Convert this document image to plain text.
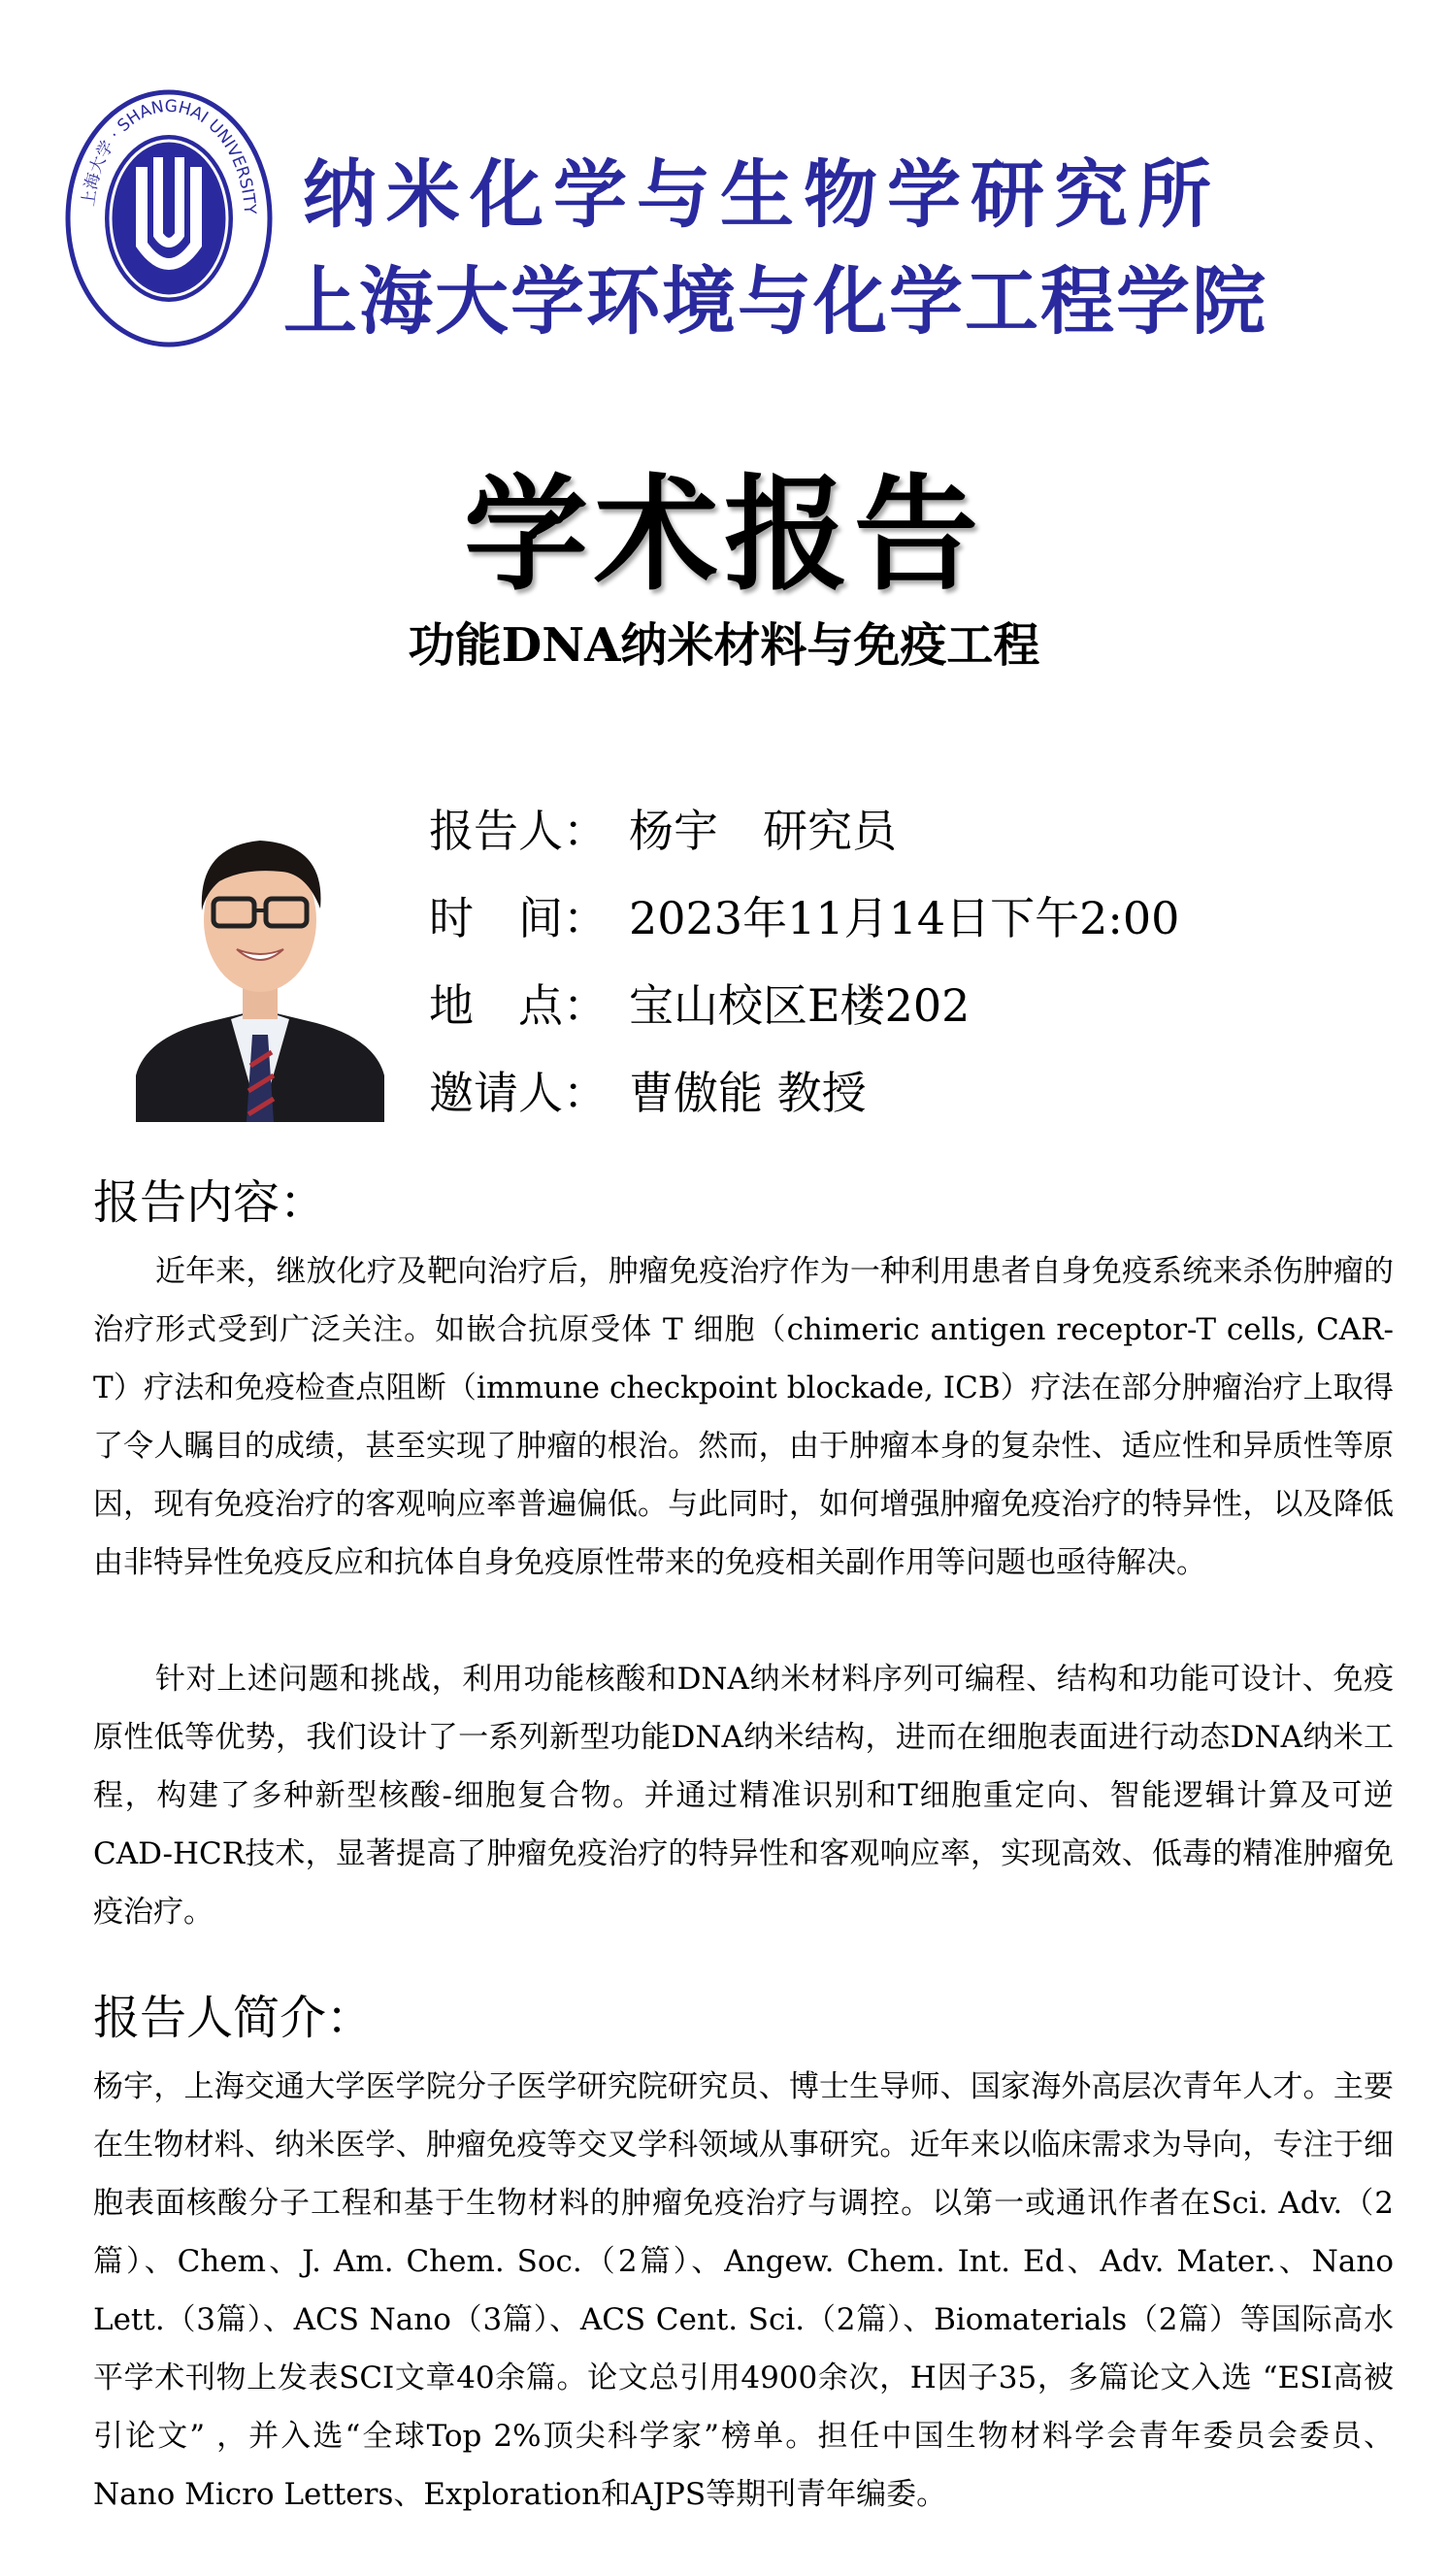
上海大学 · SHANGHAI UNIVERSITY 纳米化学与生物学研究所
上海大学环境与化学工程学院
学术报告
功能DNA纳米材料与免疫工程
报告人： 杨宇　研究员
时　间： 2023年11月14日下午2:00
地　点： 宝山校区E楼202
邀请人： 曹傲能 教授
报告内容：
近年来，继放化疗及靶向治疗后，肿瘤免疫治疗作为一种利用患者自身免疫系统来杀伤肿瘤的治疗形式受到广泛关注。如嵌合抗原受体 T 细胞（chimeric antigen receptor-T cells, CAR-T）疗法和免疫检查点阻断（immune checkpoint blockade, ICB）疗法在部分肿瘤治疗上取得了令人瞩目的成绩，甚至实现了肿瘤的根治。然而，由于肿瘤本身的复杂性、适应性和异质性等原因，现有免疫治疗的客观响应率普遍偏低。与此同时，如何增强肿瘤免疫治疗的特异性，以及降低由非特异性免疫反应和抗体自身免疫原性带来的免疫相关副作用等问题也亟待解决。
针对上述问题和挑战，利用功能核酸和DNA纳米材料序列可编程、结构和功能可设计、免疫原性低等优势，我们设计了一系列新型功能DNA纳米结构，进而在细胞表面进行动态DNA纳米工程，构建了多种新型核酸-细胞复合物。并通过精准识别和T细胞重定向、智能逻辑计算及可逆CAD-HCR技术，显著提高了肿瘤免疫治疗的特异性和客观响应率，实现高效、低毒的精准肿瘤免疫治疗。
报告人简介：
杨宇，上海交通大学医学院分子医学研究院研究员、博士生导师、国家海外高层次青年人才。主要在生物材料、纳米医学、肿瘤免疫等交叉学科领域从事研究。近年来以临床需求为导向，专注于细胞表面核酸分子工程和基于生物材料的肿瘤免疫治疗与调控。以第一或通讯作者在Sci. Adv.（2篇）、Chem、J. Am. Chem. Soc.（2篇）、Angew. Chem. Int. Ed、Adv. Mater.、Nano Lett.（3篇）、ACS Nano（3篇）、ACS Cent. Sci.（2篇）、Biomaterials（2篇）等国际高水平学术刊物上发表SCI文章40余篇。论文总引用4900余次，H因子35，多篇论文入选 “ESI高被引论文” ，并入选“全球Top 2%顶尖科学家”榜单。担任中国生物材料学会青年委员会委员、Nano Micro Letters、Exploration和AJPS等期刊青年编委。
